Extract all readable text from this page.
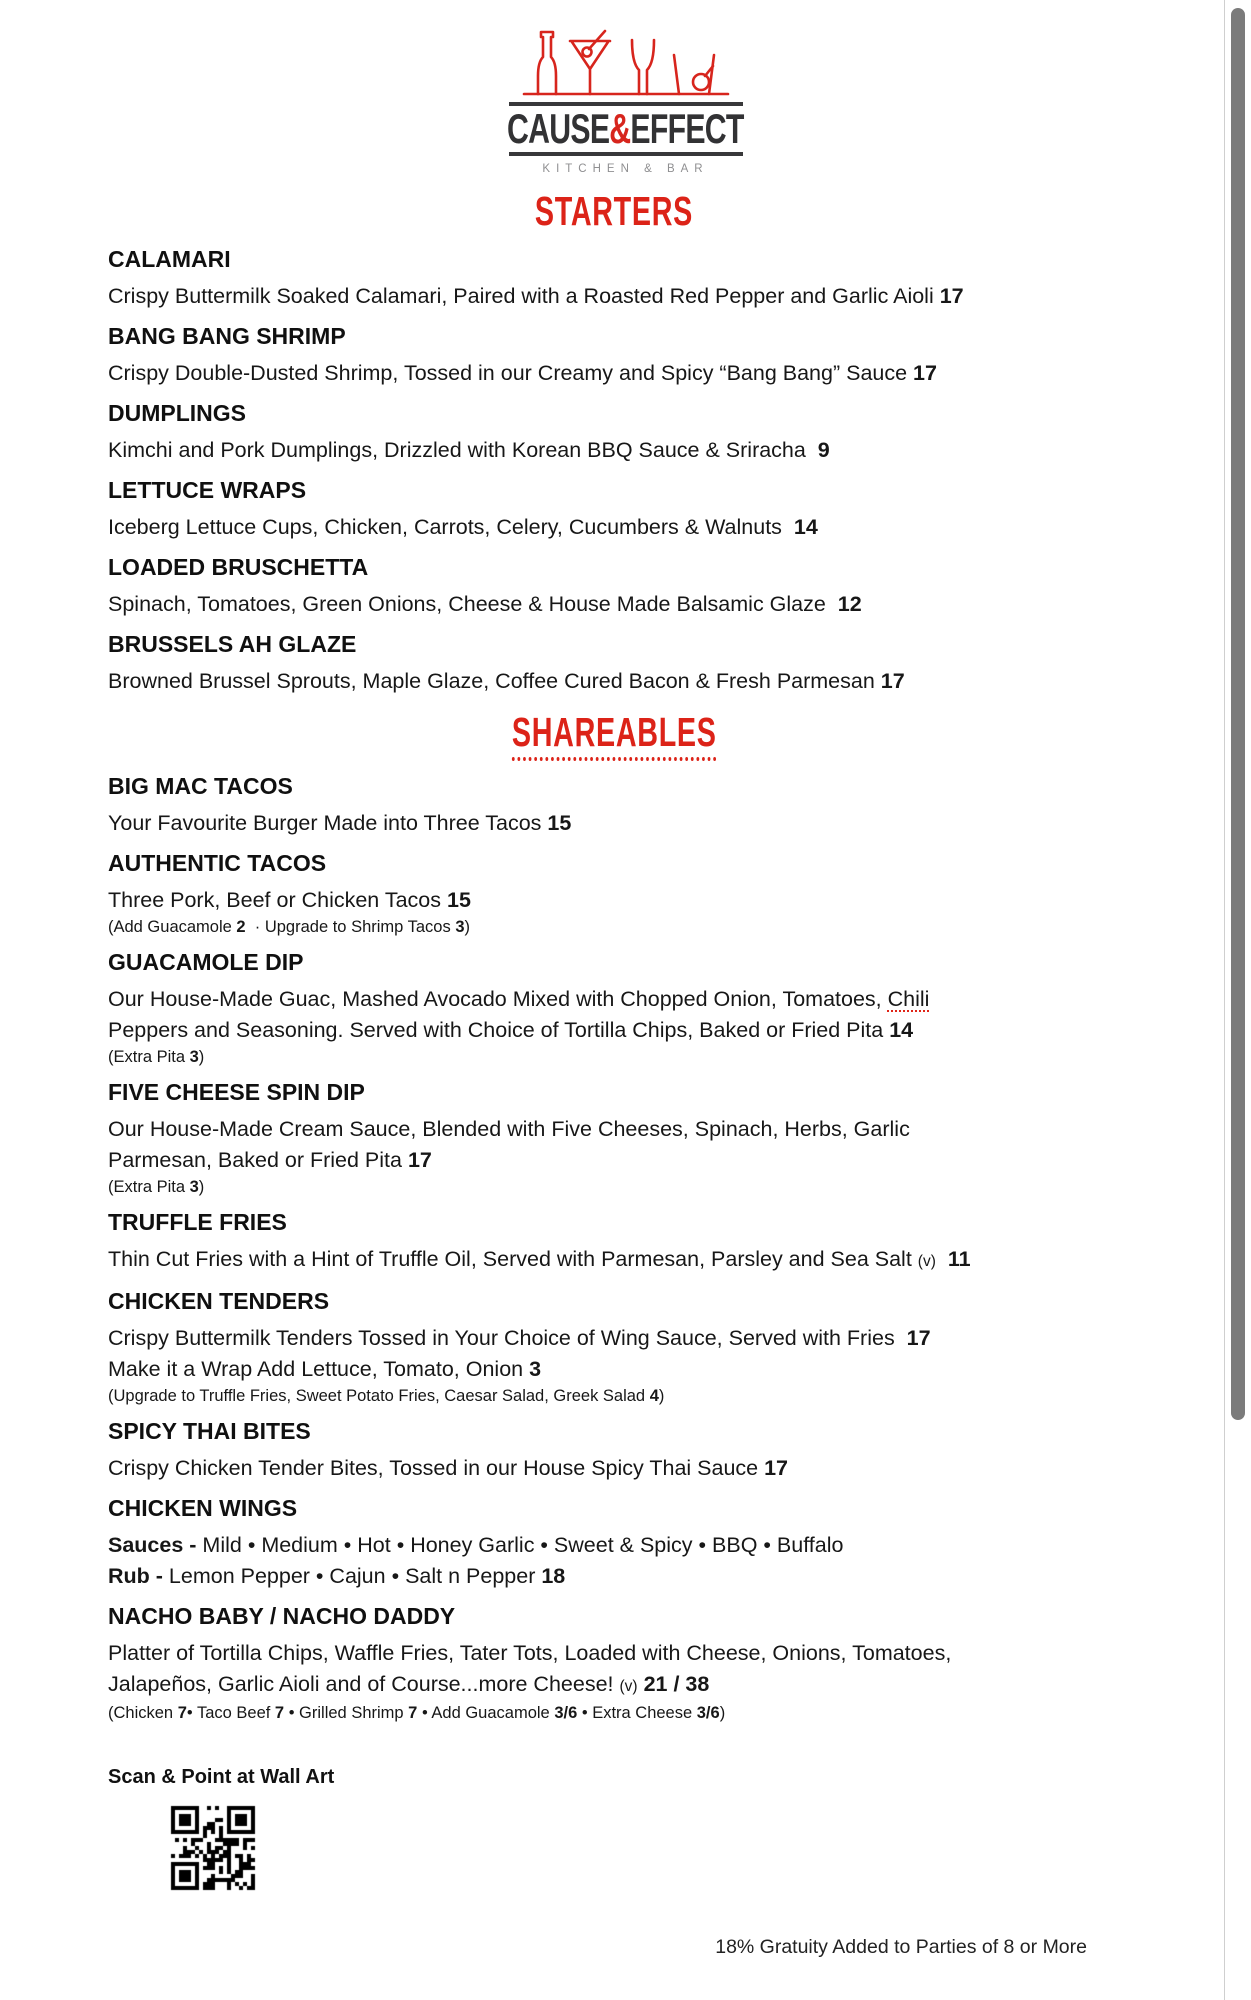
CAUSE&EFFECT
KITCHEN & BAR
STARTERS
CALAMARI

Crispy Buttermilk Soaked Calamari, Paired with a Roasted Red Pepper and Garlic Aioli 17

BANG BANG SHRIMP

Crispy Double-Dusted Shrimp, Tossed in our Creamy and Spicy “Bang Bang” Sauce 17

DUMPLINGS

Kimchi and Pork Dumplings, Drizzled with Korean BBQ Sauce & Sriracha  9

LETTUCE WRAPS

Iceberg Lettuce Cups, Chicken, Carrots, Celery, Cucumbers & Walnuts  14

LOADED BRUSCHETTA

Spinach, Tomatoes, Green Onions, Cheese & House Made Balsamic Glaze  12

BRUSSELS AH GLAZE

Browned Brussel Sprouts, Maple Glaze, Coffee Cured Bacon & Fresh Parmesan 17

SHAREABLES
BIG MAC TACOS

Your Favourite Burger Made into Three Tacos 15

AUTHENTIC TACOS

Three Pork, Beef or Chicken Tacos 15

(Add Guacamole 2  · Upgrade to Shrimp Tacos 3)

GUACAMOLE DIP

Our House-Made Guac, Mashed Avocado Mixed with Chopped Onion, Tomatoes, Chili

Peppers and Seasoning. Served with Choice of Tortilla Chips, Baked or Fried Pita 14

(Extra Pita 3)

FIVE CHEESE SPIN DIP

Our House-Made Cream Sauce, Blended with Five Cheeses, Spinach, Herbs, Garlic

Parmesan, Baked or Fried Pita 17

(Extra Pita 3)

TRUFFLE FRIES

Thin Cut Fries with a Hint of Truffle Oil, Served with Parmesan, Parsley and Sea Salt (v) 11

CHICKEN TENDERS

Crispy Buttermilk Tenders Tossed in Your Choice of Wing Sauce, Served with Fries  17

Make it a Wrap Add Lettuce, Tomato, Onion 3

(Upgrade to Truffle Fries, Sweet Potato Fries, Caesar Salad, Greek Salad 4)

SPICY THAI BITES

Crispy Chicken Tender Bites, Tossed in our House Spicy Thai Sauce 17

CHICKEN WINGS

Sauces - Mild • Medium • Hot • Honey Garlic • Sweet & Spicy • BBQ • Buffalo

Rub - Lemon Pepper • Cajun • Salt n Pepper 18

NACHO BABY / NACHO DADDY

Platter of Tortilla Chips, Waffle Fries, Tater Tots, Loaded with Cheese, Onions, Tomatoes,

Jalapeños, Garlic Aioli and of Course...more Cheese! (v) 21 / 38

(Chicken 7• Taco Beef 7 • Grilled Shrimp 7 • Add Guacamole 3/6 • Extra Cheese 3/6)

Scan & Point at Wall Art
18% Gratuity Added to Parties of 8 or More
